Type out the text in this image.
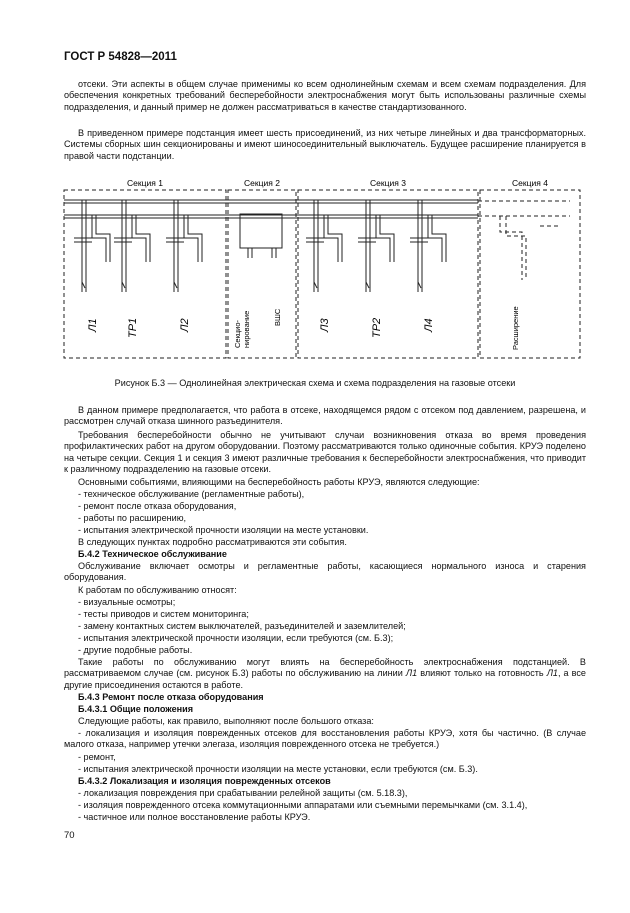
ГОСТ Р 54828—2011

отсеки. Эти аспекты в общем случае применимы ко всем однолинейным схемам и всем схемам подразделения. Для обеспечения конкретных требований бесперебойности электроснабжения могут быть использованы различные схемы подразделения, и данный пример не должен рассматриваться в качестве стандартизованного.

В приведенном примере подстанция имеет шесть присоединений, из них четыре линейных и два трансформаторных. Системы сборных шин секционированы и имеют шиносоединительный выключатель. Будущее расширение планируется в правой части подстанции.

Секция 1	Секция 2	Секция 3	Секция 4
Л1	ТР1	Л2	Л3	ТР2	Л4
Секцио- нирование	ВШС	Расширение
Рисунок Б.3 — Однолинейная электрическая схема и схема подразделения на газовые отсеки

В данном примере предполагается, что работа в отсеке, находящемся рядом с отсеком под давлением, разрешена, и рассмотрен случай отказа шинного разъединителя.

Требования бесперебойности обычно не учитывают случаи возникновения отказа во время проведения профилактических работ на другом оборудовании. Поэтому рассматриваются только одиночные события. КРУЭ поделено на четыре секции. Секция 1 и секция 3 имеют различные требования к бесперебойности электроснабжения, что приводит к различному подразделению на газовые отсеки.

Основными событиями, влияющими на бесперебойность работы КРУЭ, являются следующие:

- техническое обслуживание (регламентные работы),
- ремонт после отказа оборудования,
- работы по расширению,
- испытания электрической прочности изоляции на месте установки.
В следующих пунктах подробно рассматриваются эти события.
Б.4.2 Техническое обслуживание

Обслуживание включает осмотры и регламентные работы, касающиеся нормального износа и старения оборудования.

К работам по обслуживанию относят:
- визуальные осмотры;
- тесты приводов и систем мониторинга;
- замену контактных систем выключателей, разъединителей и заземлителей;
- испытания электрической прочности изоляции, если требуются (см. Б.3);
- другие подобные работы.

Такие работы по обслуживанию могут влиять на бесперебойность электроснабжения подстанцией. В рассматриваемом случае (см. рисунок Б.3) работы по обслуживанию на линии Л1 влияют только на готовность Л1, а все другие присоединения остаются в работе.

Б.4.3 Ремонт после отказа оборудования
Б.4.3.1 Общие положения
Следующие работы, как правило, выполняют после большого отказа:

- локализация и изоляция поврежденных отсеков для восстановления работы КРУЭ, хотя бы частично. (В случае малого отказа, например утечки элегаза, изоляция поврежденного отсека не требуется.)

- ремонт,
- испытания электрической прочности изоляции на месте установки, если требуются (см. Б.3).
Б.4.3.2 Локализация и изоляция поврежденных отсеков
- локализация повреждения при срабатывании релейной защиты (см. 5.18.3),
- изоляция поврежденного отсека коммутационными аппаратами или съемными перемычками (см. 3.1.4),
- частичное или полное восстановление работы КРУЭ.
70
